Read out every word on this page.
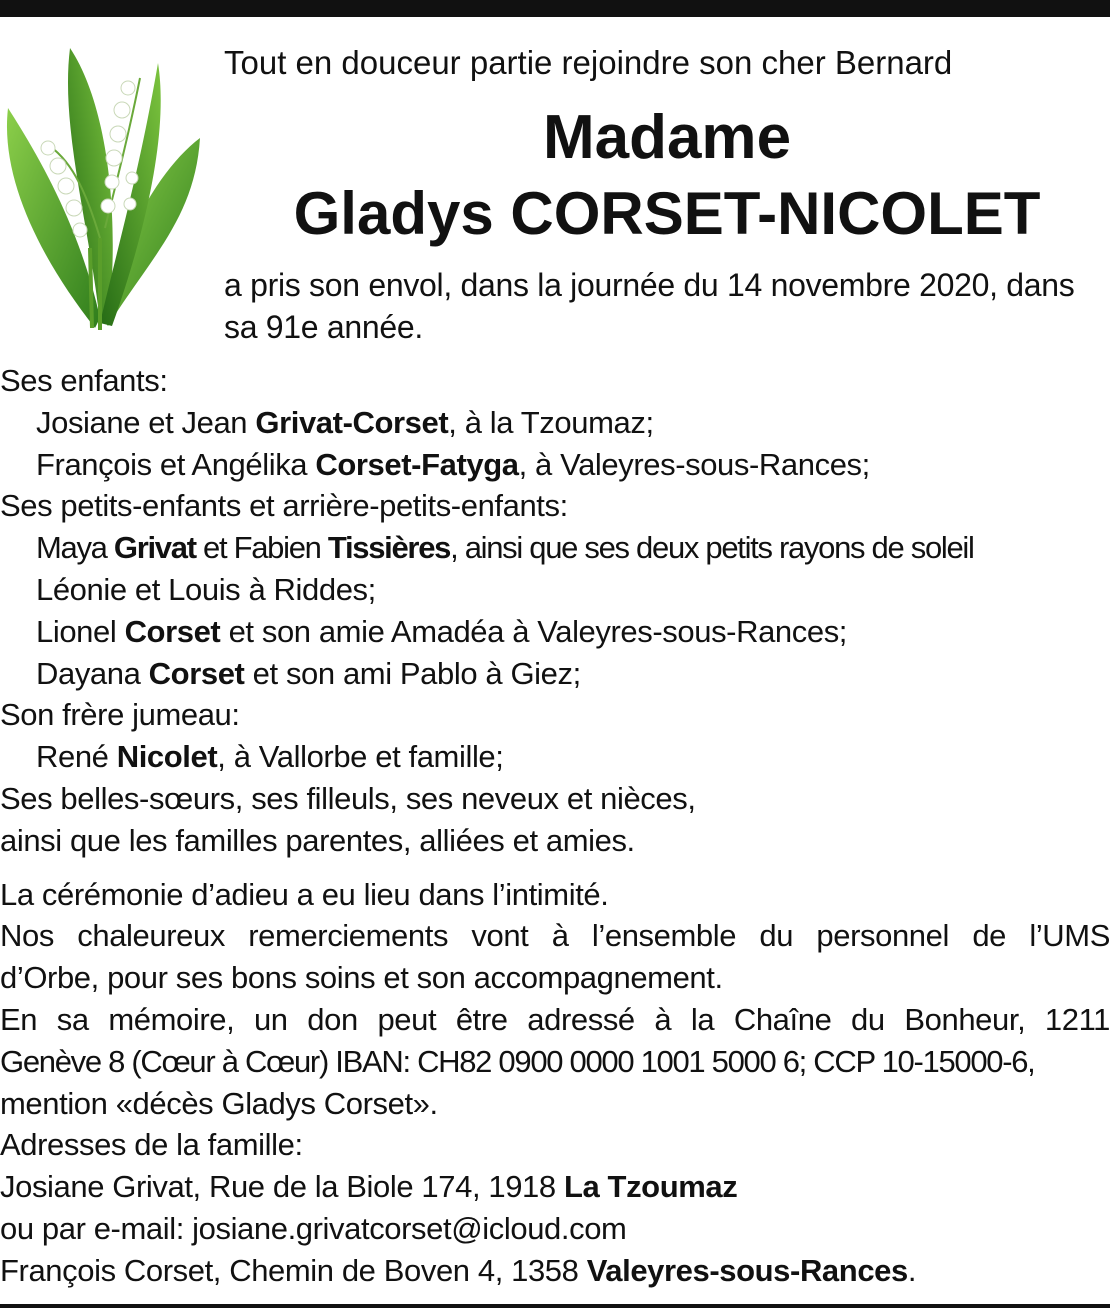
Tout en douceur partie rejoindre son cher Bernard
Madame
Gladys CORSET-NICOLET
a pris son envol, dans la journée du 14 novembre 2020, dans sa 91e année.
Ses enfants:
Josiane et Jean Grivat-Corset, à la Tzoumaz;
François et Angélika Corset-Fatyga, à Valeyres-sous-Rances;
Ses petits-enfants et arrière-petits-enfants:
Maya Grivat et Fabien Tissières, ainsi que ses deux petits rayons de soleil
Léonie et Louis à Riddes;
Lionel Corset et son amie Amadéa à Valeyres-sous-Rances;
Dayana Corset et son ami Pablo à Giez;
Son frère jumeau:
René Nicolet, à Vallorbe et famille;
Ses belles-sœurs, ses filleuls, ses neveux et nièces,
ainsi que les familles parentes, alliées et amies.
La cérémonie d’adieu a eu lieu dans l’intimité.
Nos chaleureux remerciements vont à l’ensemble du personnel de l’UMS
d’Orbe, pour ses bons soins et son accompagnement.
En sa mémoire, un don peut être adressé à la Chaîne du Bonheur, 1211
Genève 8 (Cœur à Cœur) IBAN: CH82 0900 0000 1001 5000 6; CCP 10-15000-6,
mention «décès Gladys Corset».
Adresses de la famille:
Josiane Grivat, Rue de la Biole 174, 1918 La Tzoumaz
ou par e-mail: josiane.grivatcorset@icloud.com
François Corset, Chemin de Boven 4, 1358 Valeyres-sous-Rances.
